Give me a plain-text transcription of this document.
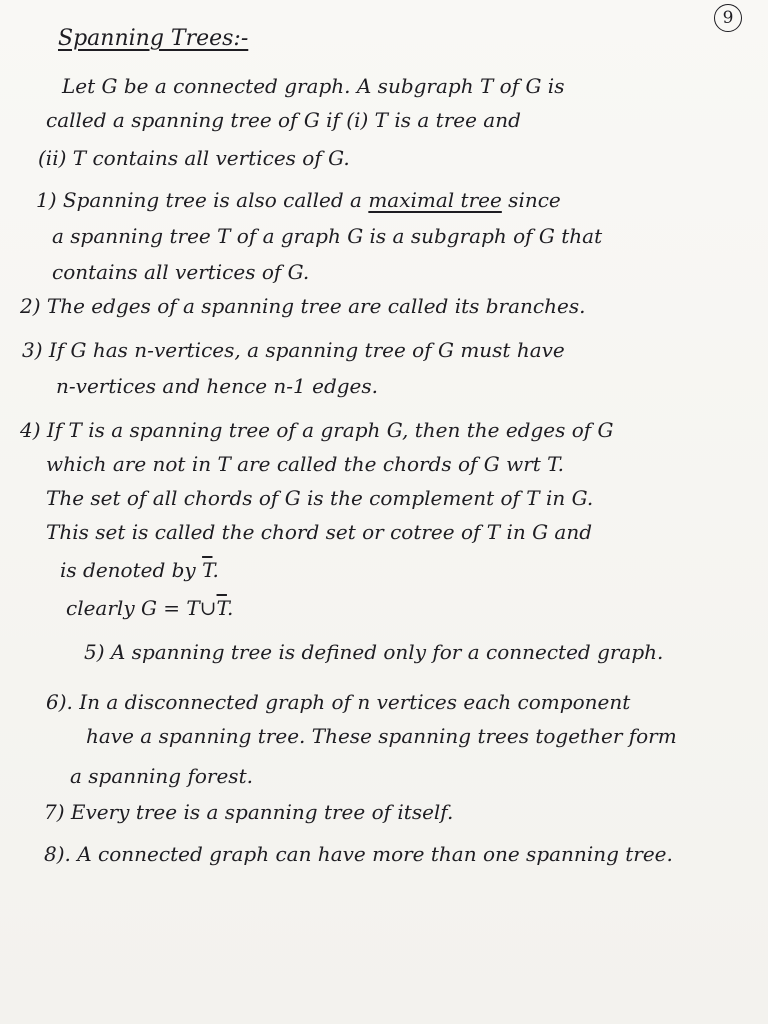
9
Spanning Trees:-
Let G be a connected graph. A subgraph T of G is
called a spanning tree of G if (i) T is a tree and
(ii) T contains all vertices of G.
1) Spanning tree is also called a maximal tree since
a spanning tree T of a graph G is a subgraph of G that
contains all vertices of G.
2) The edges of a spanning tree are called its branches.
3) If G has n-vertices, a spanning tree of G must have
n-vertices and hence n-1 edges.
4) If T is a spanning tree of a graph G, then the edges of G
which are not in T are called the chords of G wrt T.
The set of all chords of G is the complement of T in G.
This set is called the chord set or cotree of T in G and
is denoted by $\overline{T}$.
clearly $G = T\cup\overline{T}$.
5) A spanning tree is defined only for a connected graph.
6). In a disconnected graph of n vertices each component
have a spanning tree. These spanning trees together form
a spanning forest.
7) Every tree is a spanning tree of itself.
8). A connected graph can have more than one spanning tree.
